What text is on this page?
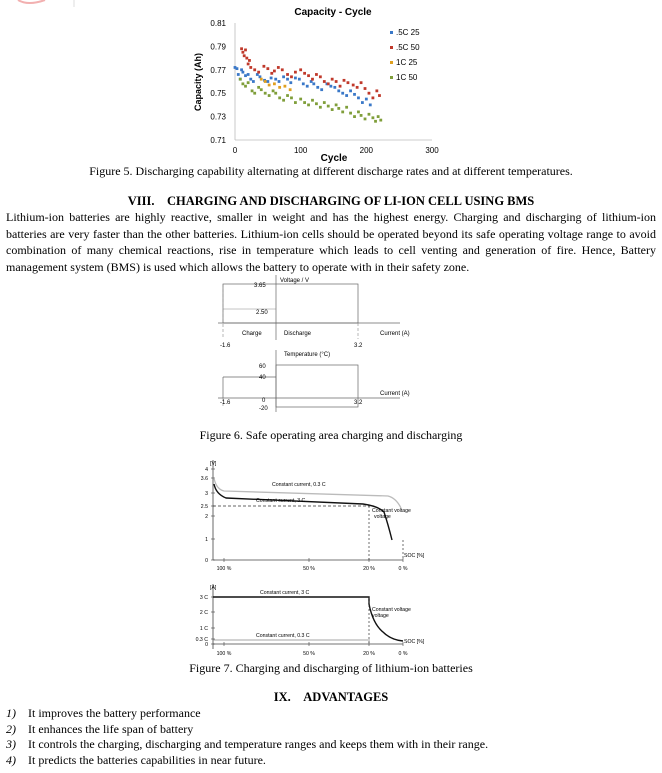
Capacity - Cycle
0.81
0.79
0.77
0.75
0.73
0.71
0	100	200	300
Capacity (Ah)
Cycle
.5C 25
.5C 50
1C 25
1C 50
Figure 5. Discharging capability alternating at different discharge rates and at different temperatures.
VIII. CHARGING AND DISCHARGING OF LI-ION CELL USING BMS
Lithium-ion batteries are highly reactive, smaller in weight and has the highest energy. Charging and discharging of lithium-ion batteries are very faster than the other batteries. Lithium-ion cells should be operated beyond its safe operating voltage range to avoid combination of many chemical reactions, rise in temperature which leads to cell venting and generation of fire. Hence, Battery management system (BMS) is used which allows the battery to operate with in their safety zone.
Voltage / V
3.65
2.50
Charge	Discharge	Current (A)
-1.6	3.2
Temperature (°C)
60
40
0
-20
Current (A)
-1.6	3.2
Figure 6. Safe operating area charging and discharging
[V]
4
3.6
3
2.5
2
1
0
100 %	50 %	20 %	0 %
Constant current, 0.3 C
Constant current, 3 C
Constant voltage
voltage
SOC [%]
[A]
3 C
2 C
1 C
0.3 C
0
100 %	50 %	20 %	0 %
Constant current, 3 C
Constant voltage
voltage
Constant current, 0.3 C
SOC [%]
Figure 7. Charging and discharging of lithium-ion batteries
IX. ADVANTAGES
1) It improves the battery performance
2) It enhances the life span of battery
3) It controls the charging, discharging and temperature ranges and keeps them with in their range.
4) It predicts the batteries capabilities in near future.
